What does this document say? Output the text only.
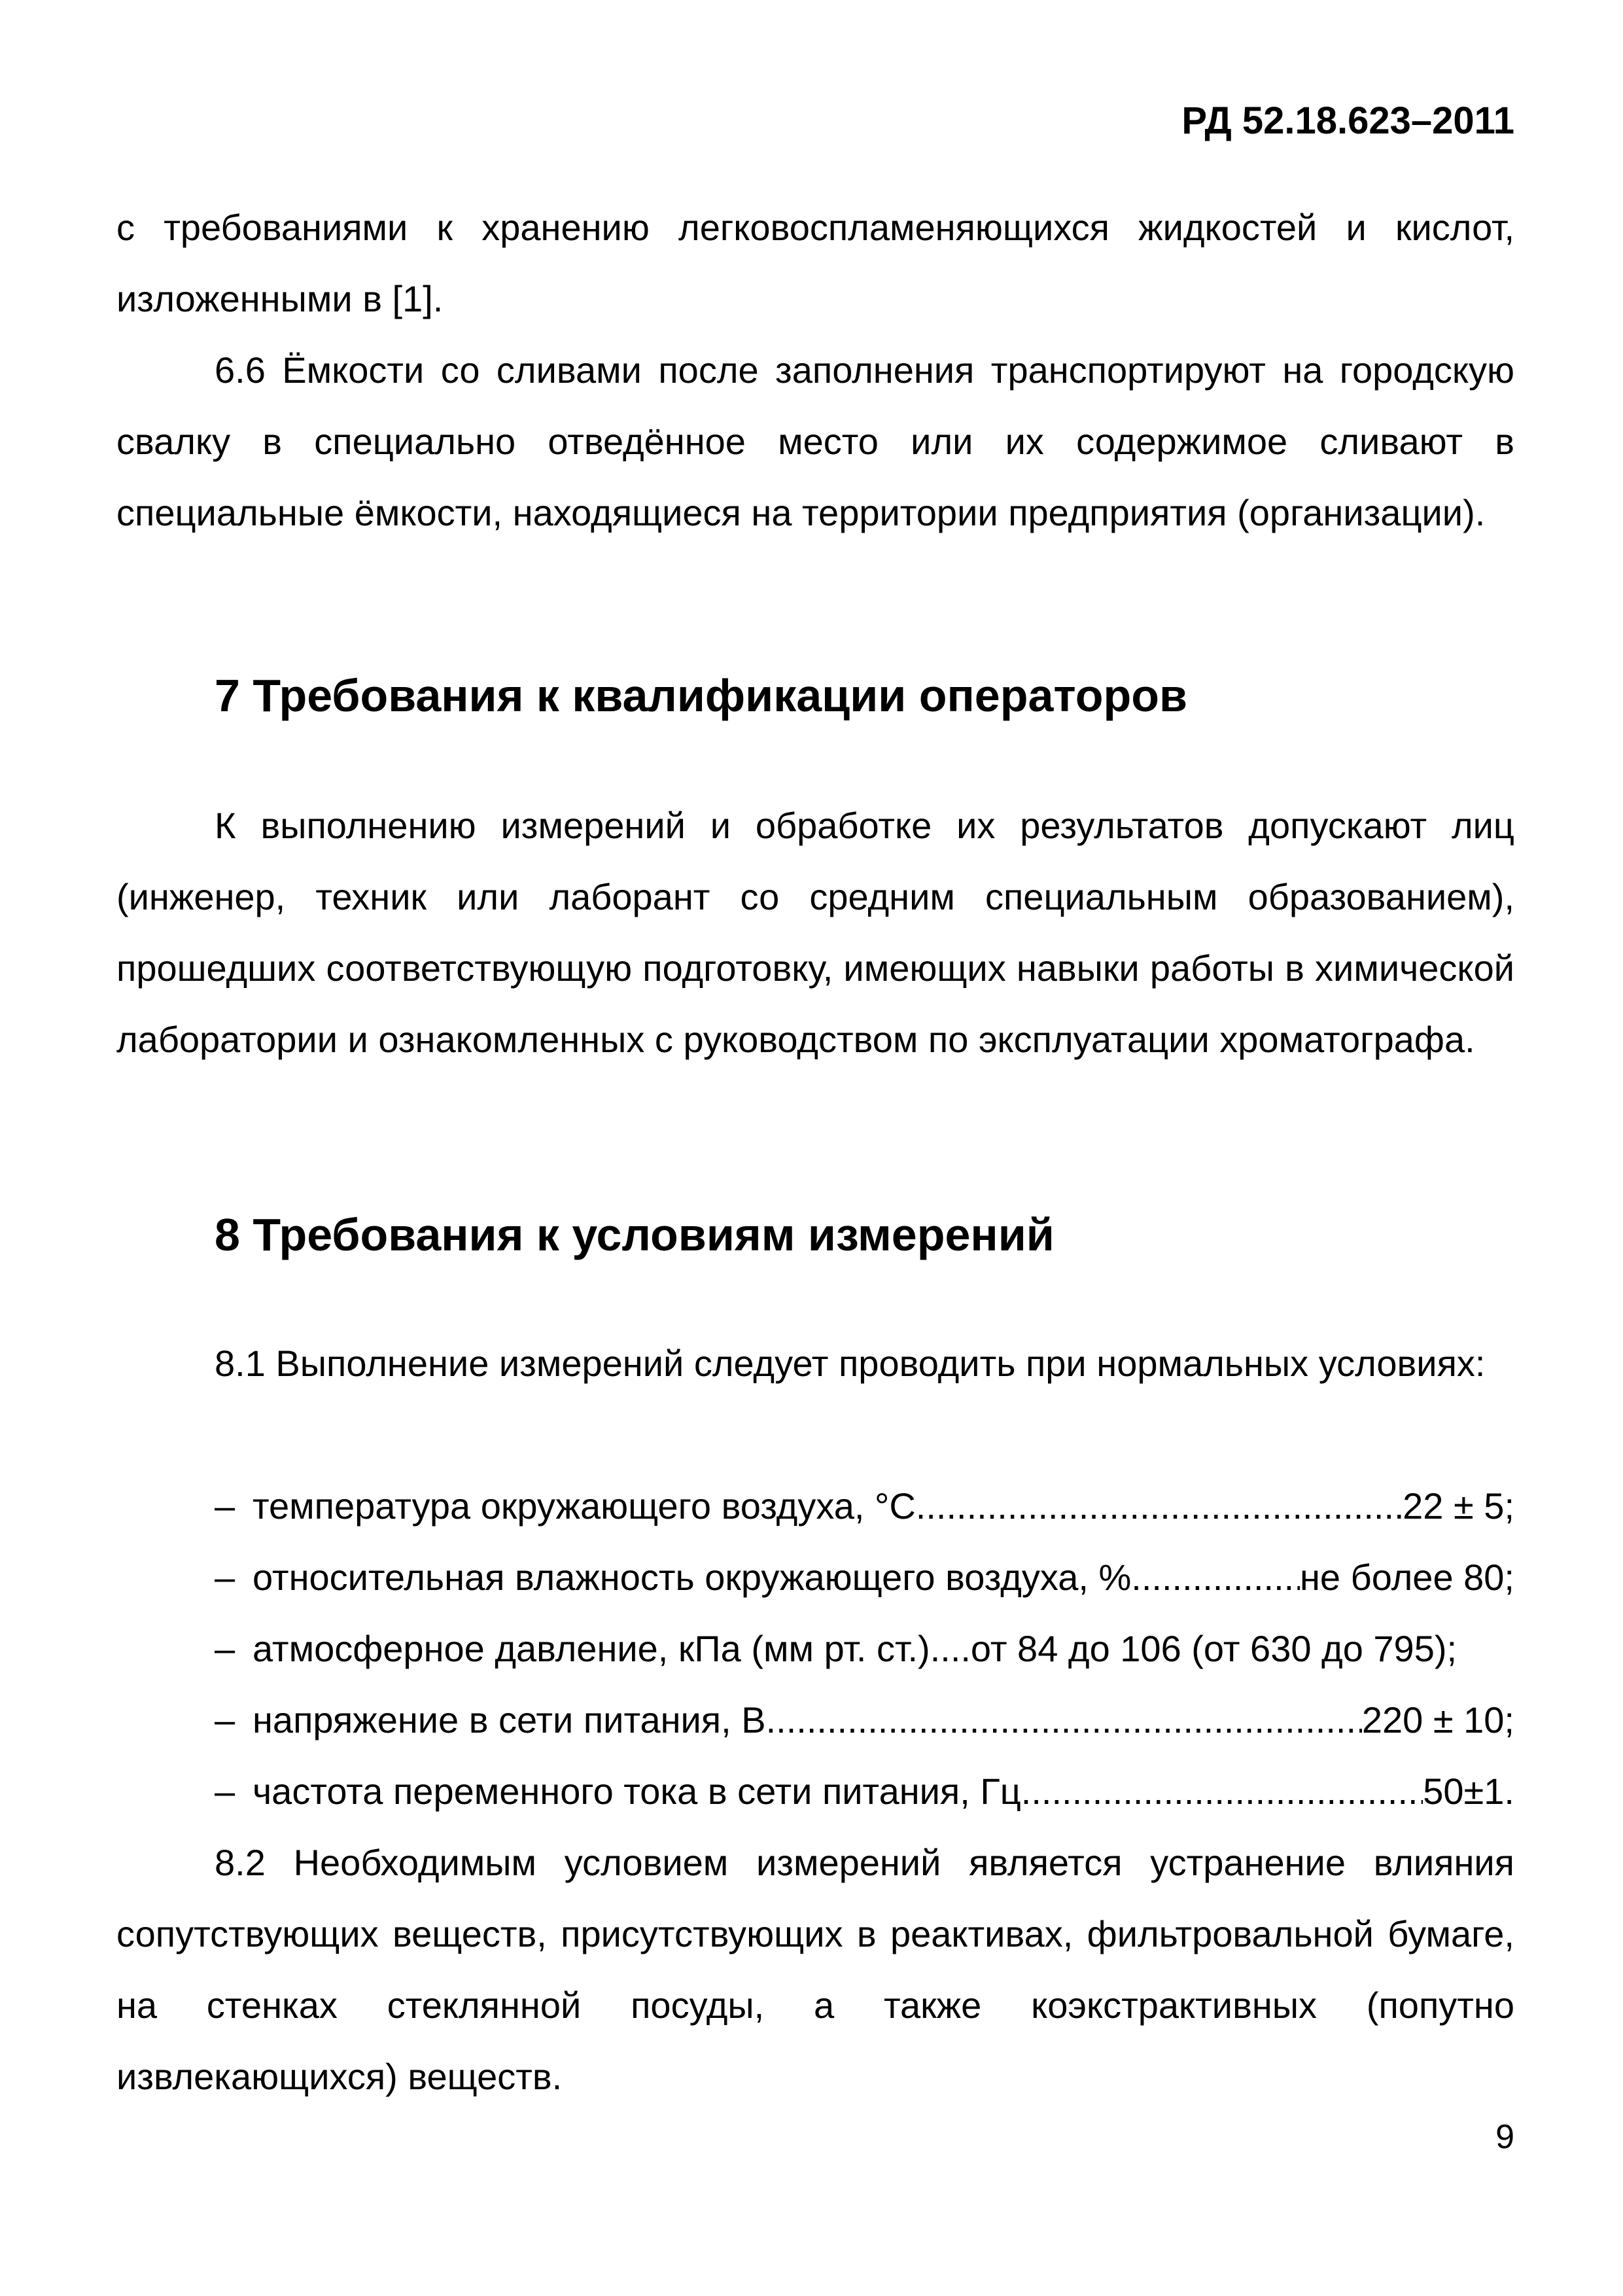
РД 52.18.623–2011

с требованиями к хранению легковоспламеняющихся жидкостей и кислот, изложенными в [1].

6.6 Ёмкости со сливами после заполнения транспортируют на городскую свалку в специально отведённое место или их содержимое сливают в специальные ёмкости, находящиеся на территории предприятия (организации).

7 Требования к квалификации операторов

К выполнению измерений и обработке их результатов допускают лиц (инженер, техник или лаборант со средним специальным образованием), прошедших соответствующую подготовку, имеющих навыки работы в химической лаборатории и ознакомленных с руководством по эксплуатации хроматографа.

8 Требования к условиям измерений

8.1 Выполнение измерений следует проводить при нормальных условиях:

– температура окружающего воздуха, °С .....	22 ± 5;
– относительная влажность окружающего воздуха, % .....	не более 80;
– атмосферное давление, кПа (мм рт. ст.)....от 84 до 106 (от 630 до 795);
– напряжение в сети питания, В .....	220 ± 10;
– частота переменного тока в сети питания, Гц .....	50±1.

8.2 Необходимым условием измерений является устранение влияния сопутствующих веществ, присутствующих в реактивах, фильтровальной бумаге, на стенках стеклянной посуды, а также коэкстрактивных (попутно извлекающихся) веществ.

9
